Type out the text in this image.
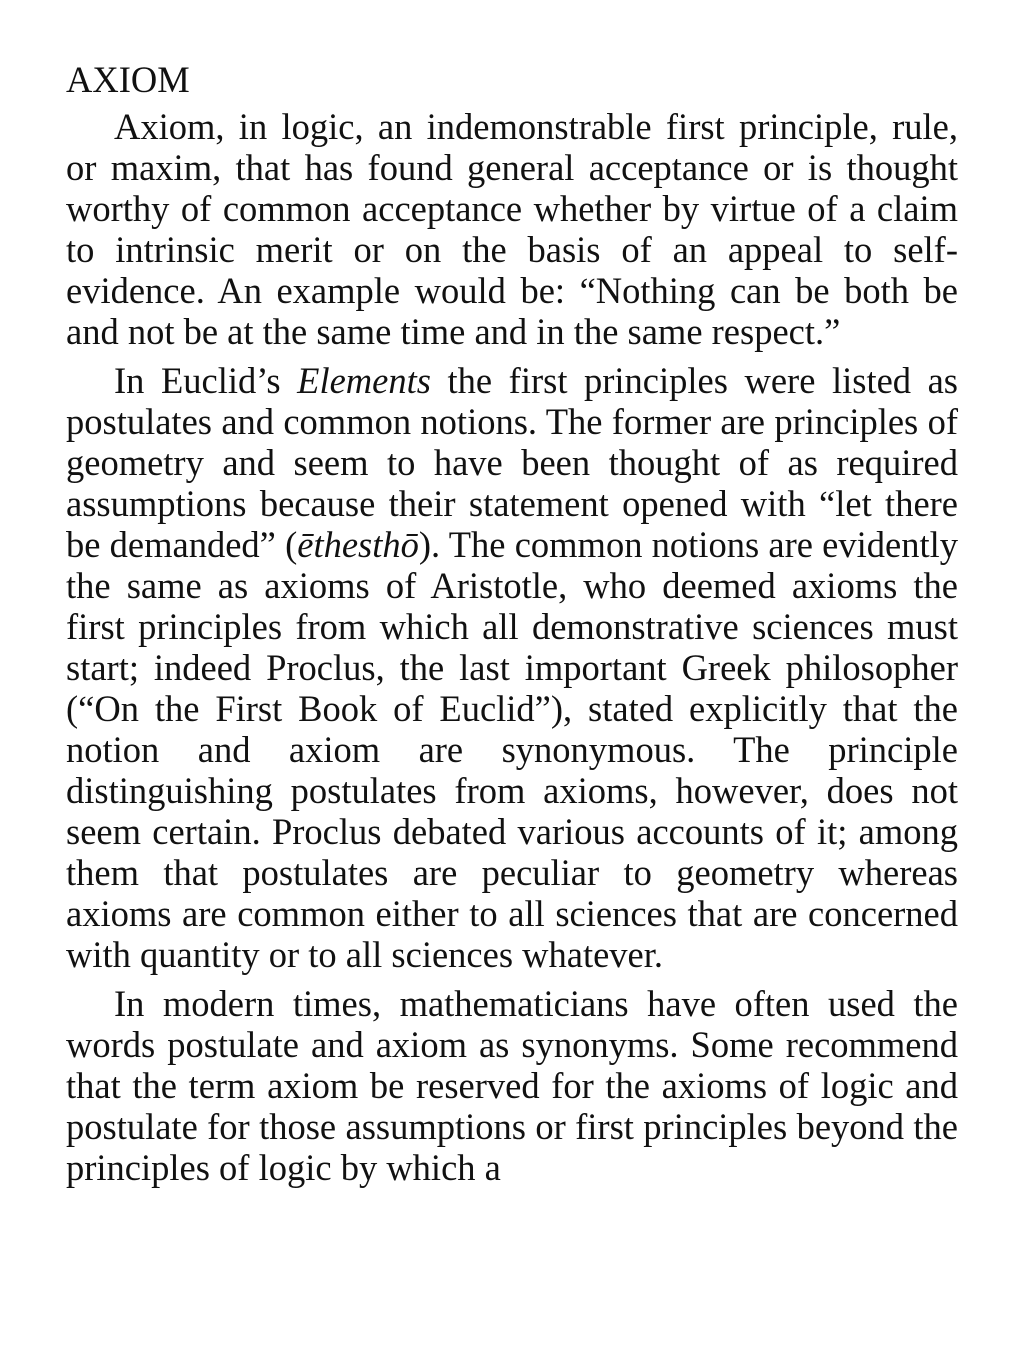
AXIOM

Axiom, in logic, an indemonstrable first principle, rule, or maxim, that has found general acceptance or is thought worthy of common acceptance whether by virtue of a claim to intrinsic merit or on the basis of an appeal to self-evidence. An example would be: “Nothing can be both be and not be at the same time and in the same respect.”

In Euclid’s Elements the first principles were listed as postulates and common notions. The former are principles of geometry and seem to have been thought of as required assumptions because their statement opened with “let there be demanded” (ēthesthō). The common notions are evidently the same as axioms of Aristotle, who deemed axioms the first principles from which all demonstrative sciences must start; indeed Proclus, the last important Greek philosopher (“On the First Book of Euclid”), stated explicitly that the notion and axiom are synonymous. The principle distinguishing postulates from axioms, however, does not seem certain. Proclus debated various accounts of it; among them that postulates are peculiar to geometry whereas axioms are common either to all sciences that are concerned with quantity or to all sciences whatever.

In modern times, mathematicians have often used the words postulate and axiom as synonyms. Some recommend that the term axiom be reserved for the axioms of logic and postulate for those assumptions or first principles beyond the principles of logic by which a
